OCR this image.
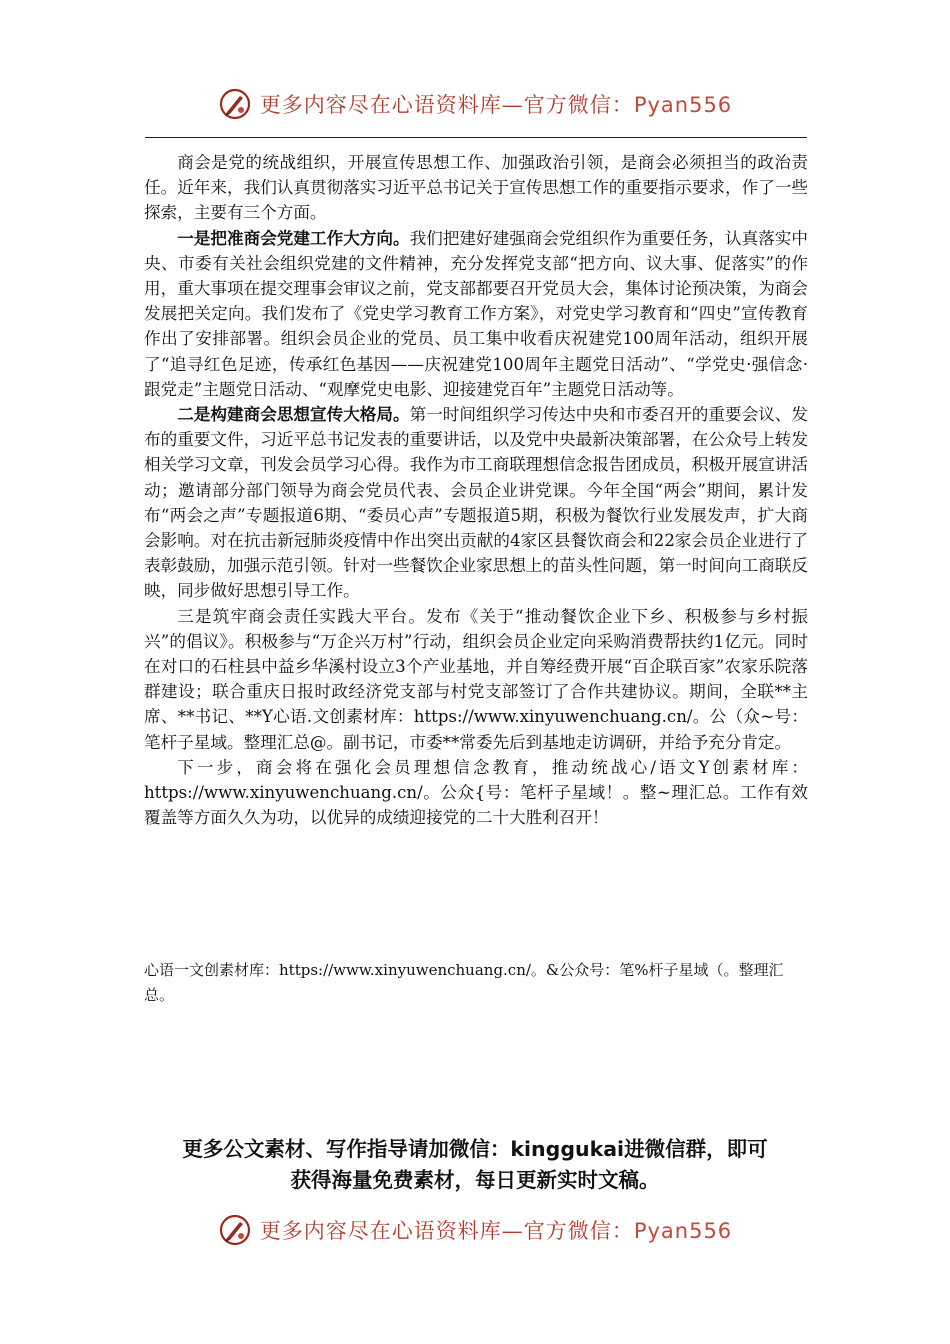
更多内容尽在心语资料库—官方微信：Pyan556

商会是党的统战组织，开展宣传思想工作、加强政治引领，是商会必须担当的政治责任。近年来，我们认真贯彻落实习近平总书记关于宣传思想工作的重要指示要求，作了一些探索，主要有三个方面。

一是把准商会党建工作大方向。我们把建好建强商会党组织作为重要任务，认真落实中央、市委有关社会组织党建的文件精神，充分发挥党支部“把方向、议大事、促落实”的作用，重大事项在提交理事会审议之前，党支部都要召开党员大会，集体讨论预决策，为商会发展把关定向。我们发布了《党史学习教育工作方案》，对党史学习教育和“四史”宣传教育作出了安排部署。组织会员企业的党员、员工集中收看庆祝建党100周年活动，组织开展了“追寻红色足迹，传承红色基因——庆祝建党100周年主题党日活动”、“学党史·强信念·跟党走”主题党日活动、“观摩党史电影、迎接建党百年”主题党日活动等。

二是构建商会思想宣传大格局。第一时间组织学习传达中央和市委召开的重要会议、发布的重要文件，习近平总书记发表的重要讲话，以及党中央最新决策部署，在公众号上转发相关学习文章，刊发会员学习心得。我作为市工商联理想信念报告团成员，积极开展宣讲活动；邀请部分部门领导为商会党员代表、会员企业讲党课。今年全国“两会”期间，累计发布“两会之声”专题报道6期、“委员心声”专题报道5期，积极为餐饮行业发展发声，扩大商会影响。对在抗击新冠肺炎疫情中作出突出贡献的4家区县餐饮商会和22家会员企业进行了表彰鼓励，加强示范引领。针对一些餐饮企业家思想上的苗头性问题，第一时间向工商联反映，同步做好思想引导工作。

三是筑牢商会责任实践大平台。发布《关于“推动餐饮企业下乡、积极参与乡村振兴”的倡议》。积极参与“万企兴万村”行动，组织会员企业定向采购消费帮扶约1亿元。同时在对口的石柱县中益乡华溪村设立3个产业基地，并自筹经费开展“百企联百家”农家乐院落群建设；联合重庆日报时政经济党支部与村党支部签订了合作共建协议。期间，全联**主席、**书记、**Y心语.文创素材库：https://www.xinyuwenchuang.cn/。公（众~号：笔杆子星域。整理汇总@。副书记，市委**常委先后到基地走访调研，并给予充分肯定。

下一步，商会将在强化会员理想信念教育，推动统战心/语文Y创素材库：https://www.xinyuwenchuang.cn/。公众{号：笔杆子星域！。整~理汇总。工作有效覆盖等方面久久为功，以优异的成绩迎接党的二十大胜利召开！

心语一文创素材库：https://www.xinyuwenchuang.cn/。&公众号：笔%杆子星域（。整理汇总。

更多公文素材、写作指导请加微信：kinggukai进微信群，即可

获得海量免费素材，每日更新实时文稿。

更多内容尽在心语资料库—官方微信：Pyan556
